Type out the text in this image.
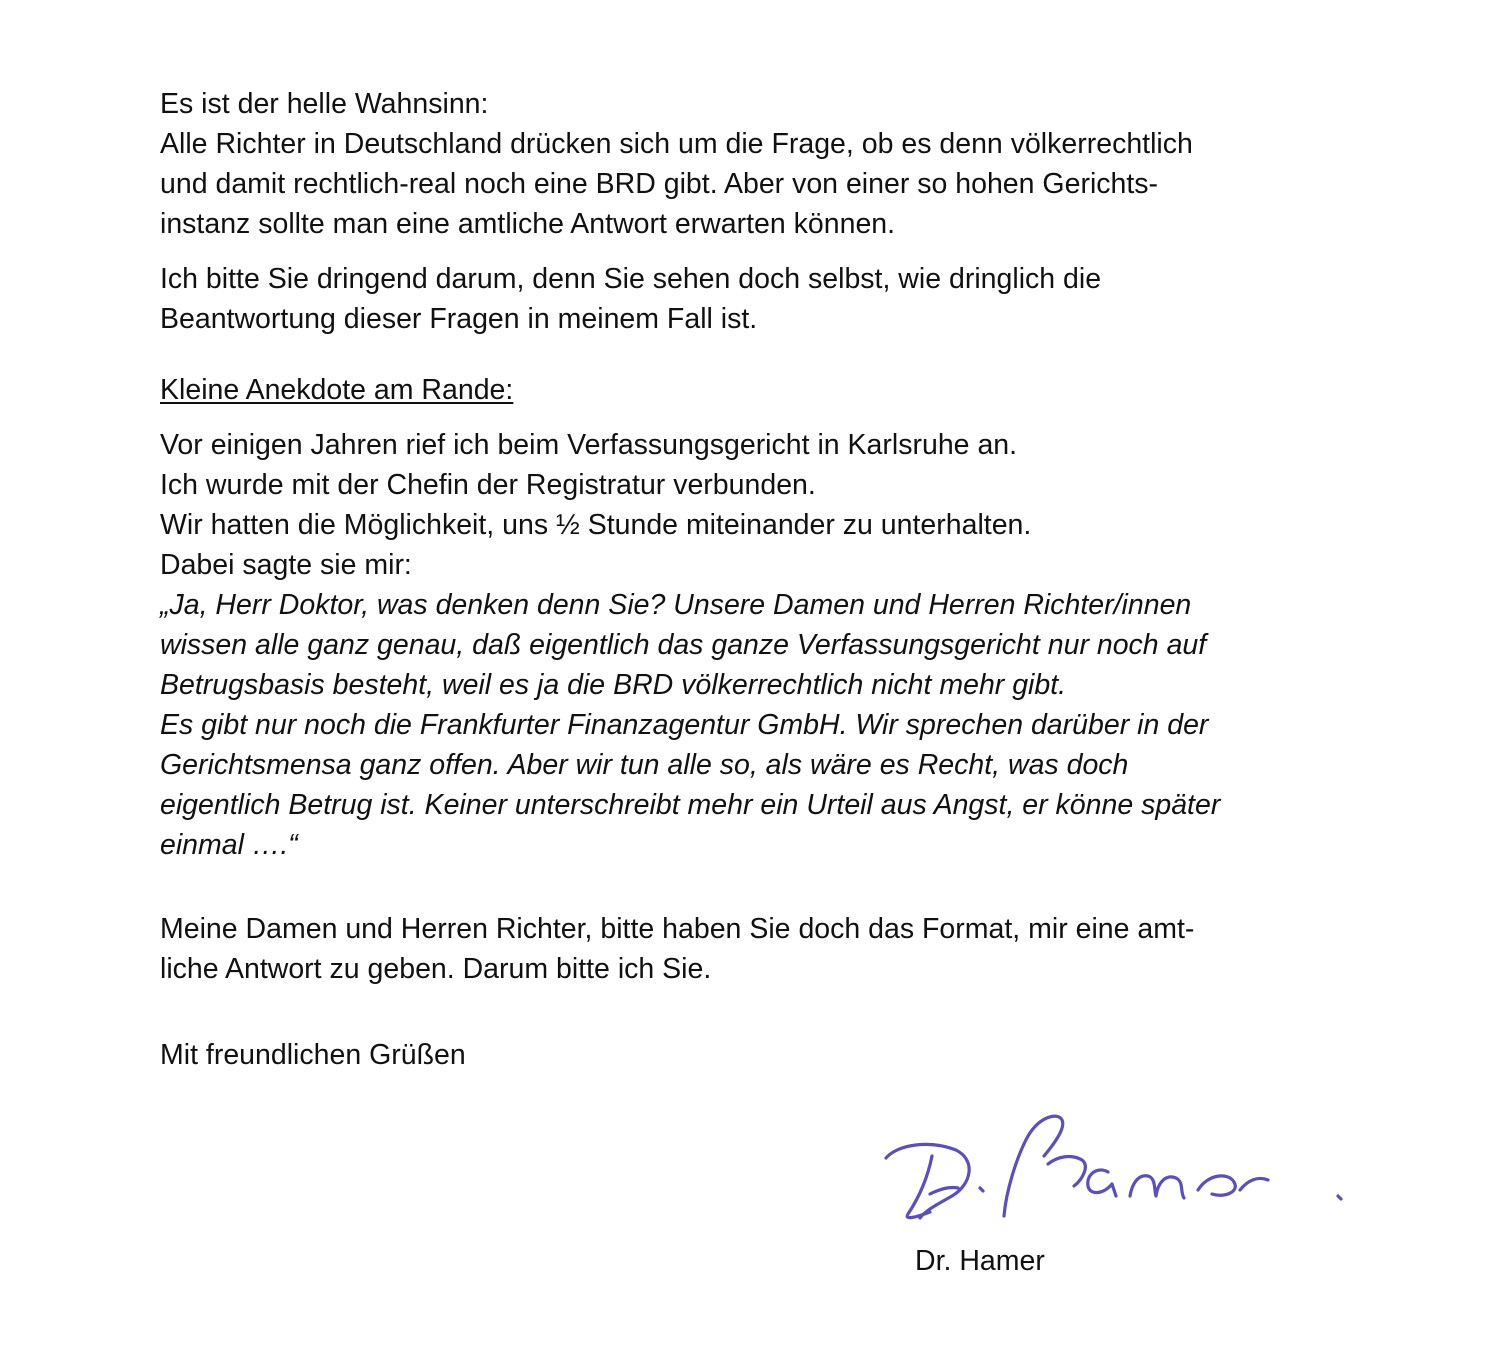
Es ist der helle Wahnsinn:
Alle Richter in Deutschland drücken sich um die Frage, ob es denn völkerrechtlich
und damit rechtlich-real noch eine BRD gibt. Aber von einer so hohen Gerichts-
instanz sollte man eine amtliche Antwort erwarten können.

Ich bitte Sie dringend darum, denn Sie sehen doch selbst, wie dringlich die
Beantwortung dieser Fragen in meinem Fall ist.

Kleine Anekdote am Rande:

Vor einigen Jahren rief ich beim Verfassungsgericht in Karlsruhe an.
Ich wurde mit der Chefin der Registratur verbunden.
Wir hatten die Möglichkeit, uns ½ Stunde miteinander zu unterhalten.
Dabei sagte sie mir:

„Ja, Herr Doktor, was denken denn Sie? Unsere Damen und Herren Richter/innen
wissen alle ganz genau, daß eigentlich das ganze Verfassungsgericht nur noch auf
Betrugsbasis besteht, weil es ja die BRD völkerrechtlich nicht mehr gibt.
Es gibt nur noch die Frankfurter Finanzagentur GmbH. Wir sprechen darüber in der
Gerichtsmensa ganz offen. Aber wir tun alle so, als wäre es Recht, was doch
eigentlich Betrug ist. Keiner unterschreibt mehr ein Urteil aus Angst, er könne später
einmal ….“

Meine Damen und Herren Richter, bitte haben Sie doch das Format, mir eine amt-
liche Antwort zu geben. Darum bitte ich Sie.

Mit freundlichen Grüßen

Dr. Hamer
